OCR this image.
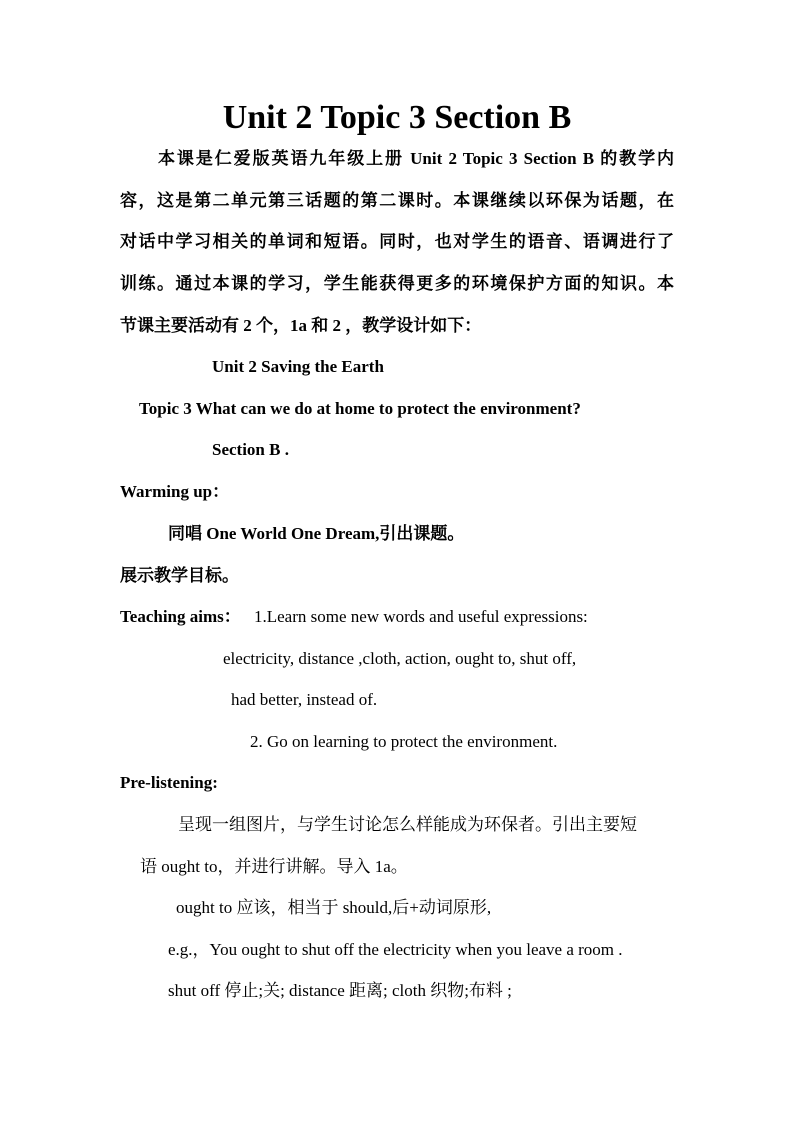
Unit 2 Topic 3 Section B
本课是仁爱版英语九年级上册 Unit 2 Topic 3 Section B 的教学内
容，这是第二单元第三话题的第二课时。本课继续以环保为话题，在
对话中学习相关的单词和短语。同时，也对学生的语音、语调进行了
训练。通过本课的学习，学生能获得更多的环境保护方面的知识。本
节课主要活动有 2 个，1a 和 2 ，教学设计如下：
Unit 2 Saving the Earth
Topic 3 What can we do at home to protect the environment?
Section B .
Warming up：
同唱 One World One Dream,引出课题。
展示教学目标。
Teaching aims： 1.Learn some new words and useful expressions:
electricity, distance ,cloth, action, ought to, shut off,
had better, instead of.
2. Go on learning to protect the environment.
Pre-listening:
呈现一组图片，与学生讨论怎么样能成为环保者。引出主要短
语 ought to，并进行讲解。导入 1a。
ought to 应该，相当于 should,后+动词原形,
e.g.，You ought to shut off the electricity when you leave a room .
shut off 停止;关; distance 距离; cloth 织物;布料 ;
